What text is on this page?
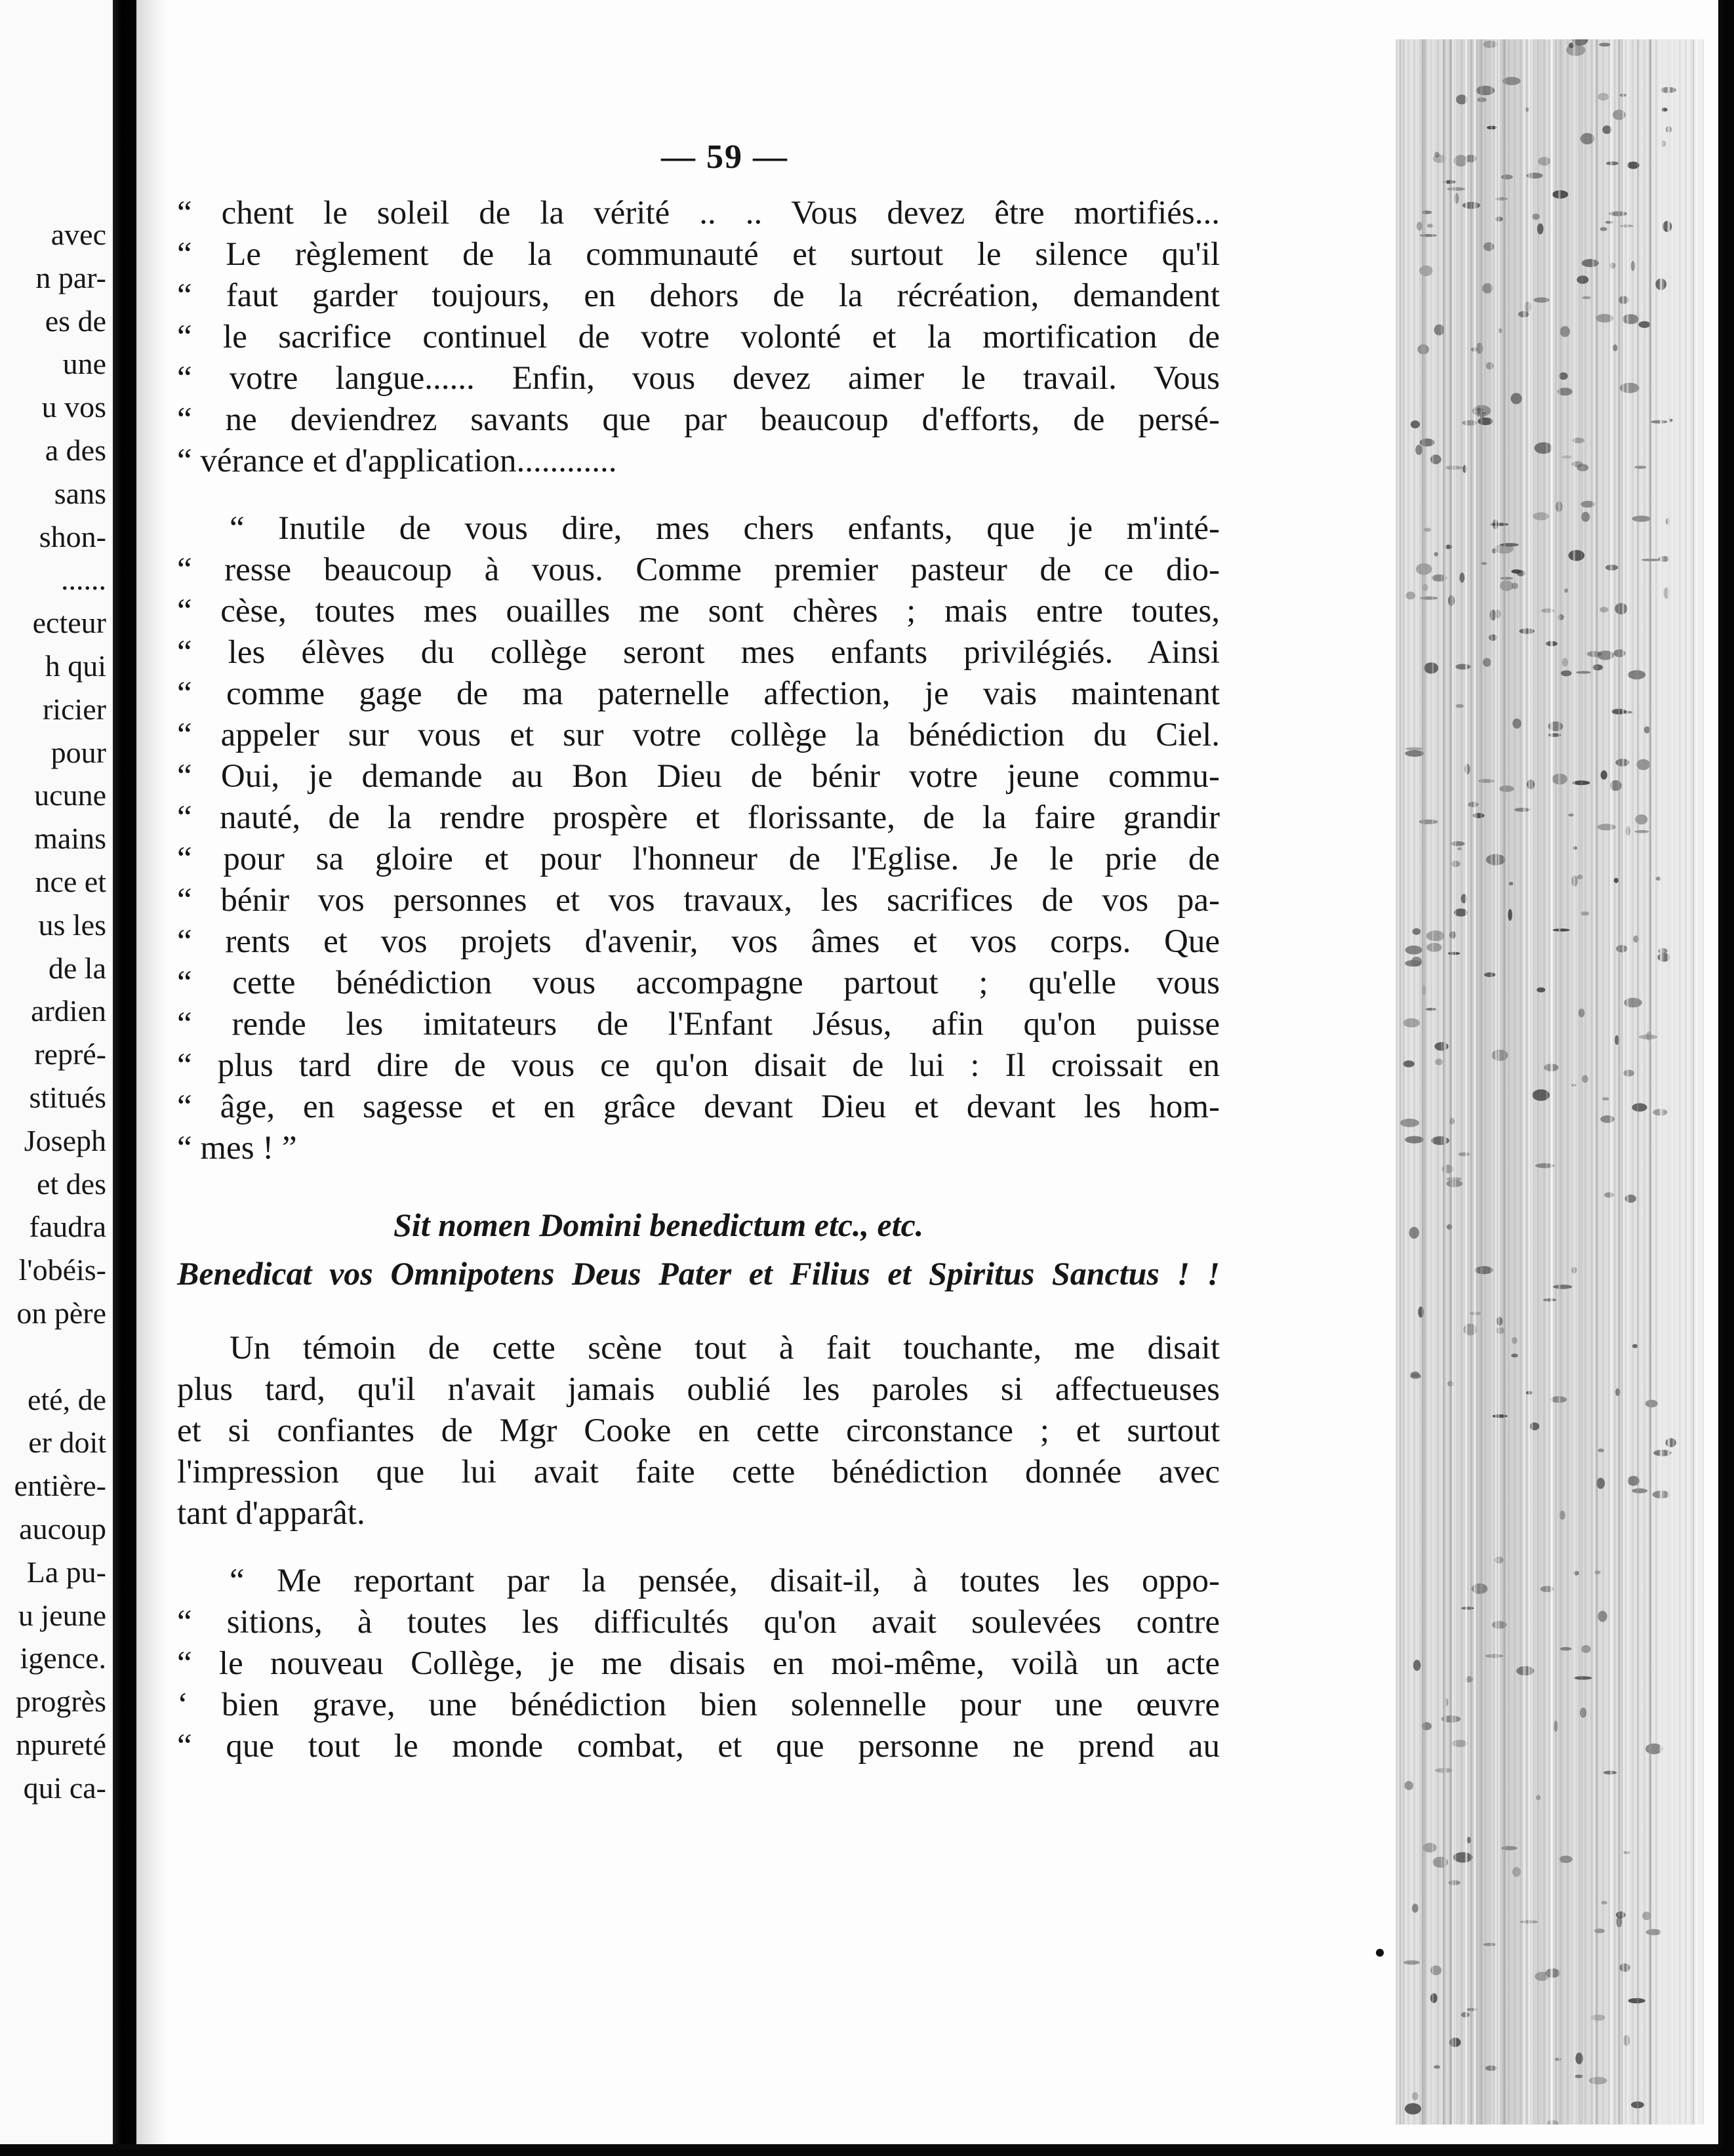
avec
n par-
es de
une
u vos
a des
sans
shon-
......
ecteur
h qui
ricier
pour
ucune
mains
nce et
us les
de la
ardien
repré-
stitués
Joseph
et des
faudra
l'obéis-
on père
eté, de
er doit
entière-
aucoup
La pu-
u jeune
igence.
progrès
npureté
qui ca-
— 59 —
“ chent le soleil de la vérité .. .. Vous devez être mortifiés...
“ Le règlement de la communauté et surtout le silence qu'il
“ faut garder toujours, en dehors de la récréation, demandent
“ le sacrifice continuel de votre volonté et la mortification de
“ votre langue...... Enfin, vous devez aimer le travail. Vous
“ ne deviendrez savants que par beaucoup d'efforts, de persé-
“ vérance et d'application............
“ Inutile de vous dire, mes chers enfants, que je m'inté-
“ resse beaucoup à vous. Comme premier pasteur de ce dio-
“ cèse, toutes mes ouailles me sont chères ; mais entre toutes,
“ les élèves du collège seront mes enfants privilégiés. Ainsi
“ comme gage de ma paternelle affection, je vais maintenant
“ appeler sur vous et sur votre collège la bénédiction du Ciel.
“ Oui, je demande au Bon Dieu de bénir votre jeune commu-
“ nauté, de la rendre prospère et florissante, de la faire grandir
“ pour sa gloire et pour l'honneur de l'Eglise. Je le prie de
“ bénir vos personnes et vos travaux, les sacrifices de vos pa-
“ rents et vos projets d'avenir, vos âmes et vos corps. Que
“ cette bénédiction vous accompagne partout ; qu'elle vous
“ rende les imitateurs de l'Enfant Jésus, afin qu'on puisse
“ plus tard dire de vous ce qu'on disait de lui : Il croissait en
“ âge, en sagesse et en grâce devant Dieu et devant les hom-
“ mes ! ”
Sit nomen Domini benedictum etc., etc.
Benedicat vos Omnipotens Deus Pater et Filius et Spiritus Sanctus ! !
Un témoin de cette scène tout à fait touchante, me disait
plus tard, qu'il n'avait jamais oublié les paroles si affectueuses
et si confiantes de Mgr Cooke en cette circonstance ; et surtout
l'impression que lui avait faite cette bénédiction donnée avec
tant d'apparât.
“ Me reportant par la pensée, disait-il, à toutes les oppo-
“ sitions, à toutes les difficultés qu'on avait soulevées contre
“ le nouveau Collège, je me disais en moi-même, voilà un acte
‘ bien grave, une bénédiction bien solennelle pour une œuvre
“ que tout le monde combat, et que personne ne prend au
